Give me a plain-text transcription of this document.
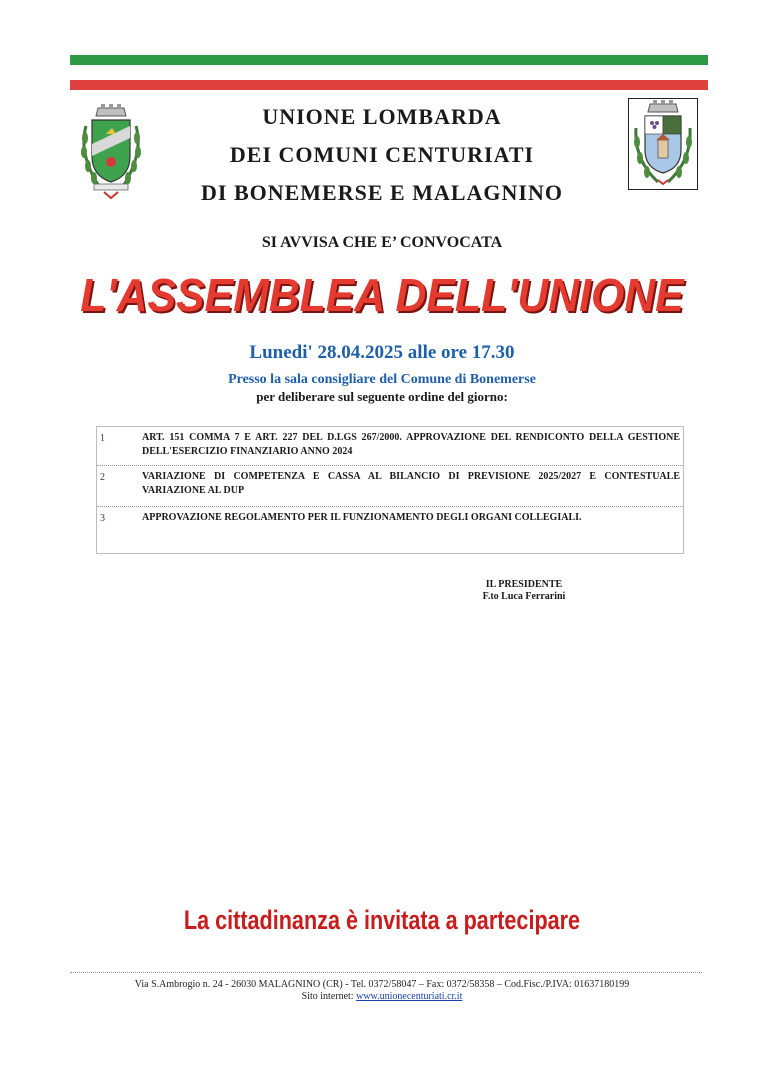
UNIONE LOMBARDA
DEI COMUNI CENTURIATI
DI BONEMERSE E MALAGNINO
SI AVVISA CHE E’ CONVOCATA
L'ASSEMBLEA DELL'UNIONE
Lunedi' 28.04.2025 alle ore 17.30
Presso la sala consigliare del Comune di Bonemerse
per deliberare sul seguente ordine del giorno:
1	ART. 151 COMMA 7 E ART. 227 DEL D.LGS 267/2000. APPROVAZIONE DEL RENDICONTO DELLA GESTIONE DELL'ESERCIZIO FINANZIARIO ANNO 2024
2	VARIAZIONE DI COMPETENZA E CASSA AL BILANCIO DI PREVISIONE 2025/2027 E CONTESTUALE VARIAZIONE AL DUP
3	APPROVAZIONE REGOLAMENTO PER IL FUNZIONAMENTO DEGLI ORGANI COLLEGIALI.
IL PRESIDENTE
F.to Luca Ferrarini
La cittadinanza è invitata a partecipare
Via S.Ambrogio n. 24 - 26030 MALAGNINO (CR) - Tel. 0372/58047 – Fax: 0372/58358 – Cod.Fisc./P.IVA: 01637180199
Sito internet: www.unionecenturiati.cr.it
